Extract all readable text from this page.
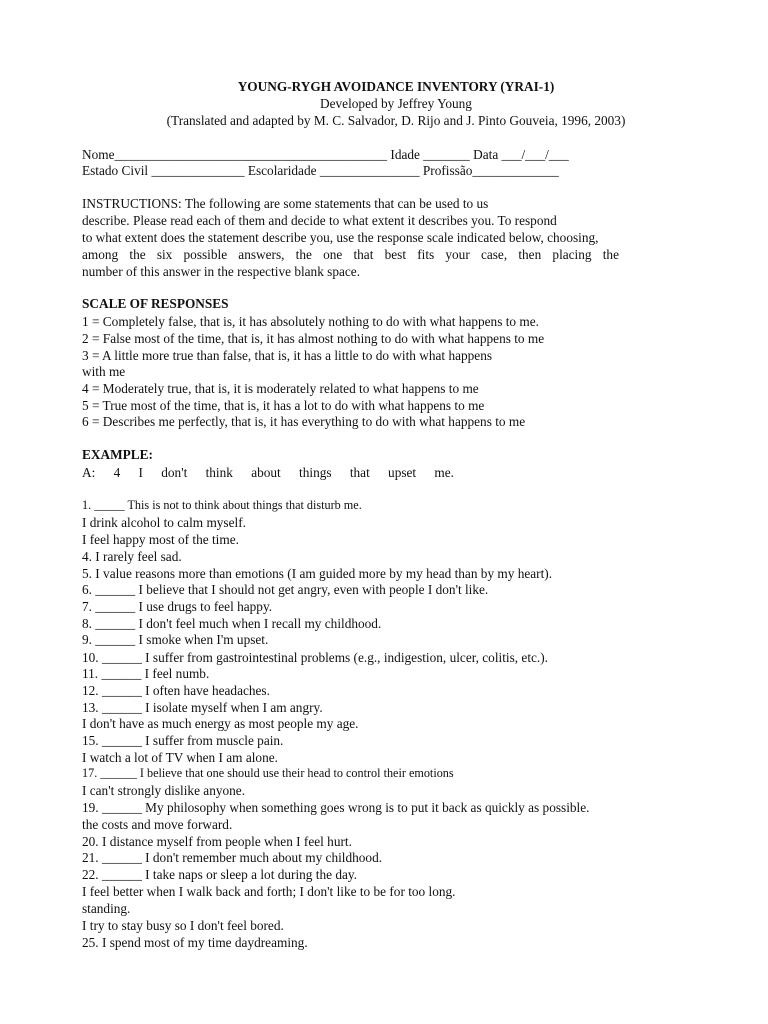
YOUNG-RYGH AVOIDANCE INVENTORY (YRAI-1)
Developed by Jeffrey Young
(Translated and adapted by M. C. Salvador, D. Rijo and J. Pinto Gouveia, 1996, 2003)
Nome_________________________________________ Idade _______ Data ___/___/___
Estado Civil ______________ Escolaridade _______________ Profissão_____________
INSTRUCTIONS: The following are some statements that can be used to us
describe. Please read each of them and decide to what extent it describes you. To respond
to what extent does the statement describe you, use the response scale indicated below, choosing,
among the six possible answers, the one that best fits your case, then placing the
number of this answer in the respective blank space.
SCALE OF RESPONSES
1 = Completely false, that is, it has absolutely nothing to do with what happens to me.
2 = False most of the time, that is, it has almost nothing to do with what happens to me
3 = A little more true than false, that is, it has a little to do with what happens
with me
4 = Moderately true, that is, it is moderately related to what happens to me
5 = True most of the time, that is, it has a lot to do with what happens to me
6 = Describes me perfectly, that is, it has everything to do with what happens to me
EXAMPLE:
A: 4 I don't think about things that upset me.
1. _____ This is not to think about things that disturb me.
I drink alcohol to calm myself.
I feel happy most of the time.
4. I rarely feel sad.
5. I value reasons more than emotions (I am guided more by my head than by my heart).
6. ______ I believe that I should not get angry, even with people I don't like.
7. ______ I use drugs to feel happy.
8. ______ I don't feel much when I recall my childhood.
9. ______ I smoke when I'm upset.
10. ______ I suffer from gastrointestinal problems (e.g., indigestion, ulcer, colitis, etc.).
11. ______ I feel numb.
12. ______ I often have headaches.
13. ______ I isolate myself when I am angry.
I don't have as much energy as most people my age.
15. ______ I suffer from muscle pain.
I watch a lot of TV when I am alone.
17. ______ I believe that one should use their head to control their emotions
I can't strongly dislike anyone.
19. ______ My philosophy when something goes wrong is to put it back as quickly as possible.
the costs and move forward.
20. I distance myself from people when I feel hurt.
21. ______ I don't remember much about my childhood.
22. ______ I take naps or sleep a lot during the day.
I feel better when I walk back and forth; I don't like to be for too long.
standing.
I try to stay busy so I don't feel bored.
25. I spend most of my time daydreaming.
